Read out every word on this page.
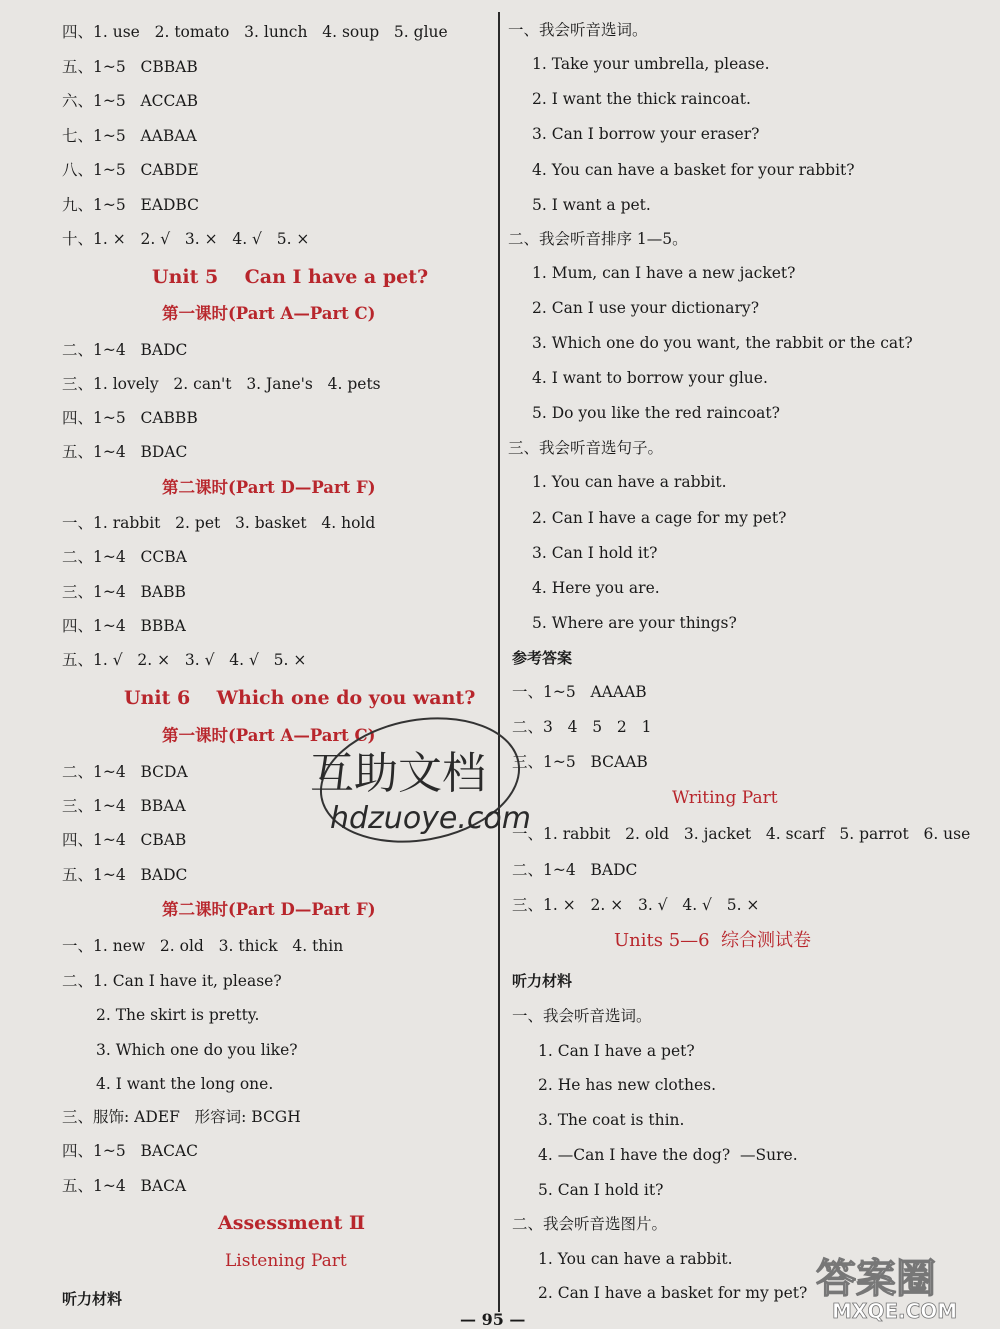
四、1. use   2. tomato   3. lunch   4. soup   5. glue
五、1~5   CBBAB
六、1~5   ACCAB
七、1~5   AABAA
八、1~5   CABDE
九、1~5   EADBC
十、1. ×   2. √   3. ×   4. √   5. ×
Unit 5    Can I have a pet?
第一课时(Part A—Part C)
二、1~4   BADC
三、1. lovely   2. can't   3. Jane's   4. pets
四、1~5   CABBB
五、1~4   BDAC
第二课时(Part D—Part F)
一、1. rabbit   2. pet   3. basket   4. hold
二、1~4   CCBA
三、1~4   BABB
四、1~4   BBBA
五、1. √   2. ×   3. √   4. √   5. ×
Unit 6    Which one do you want?
第一课时(Part A—Part C)
二、1~4   BCDA
三、1~4   BBAA
四、1~4   CBAB
五、1~4   BADC
第二课时(Part D—Part F)
一、1. new   2. old   3. thick   4. thin
二、1. Can I have it, please?
2. The skirt is pretty.
3. Which one do you like?
4. I want the long one.
三、服饰: ADEF   形容词: BCGH
四、1~5   BACAC
五、1~4   BACA
Assessment Ⅱ
Listening Part
听力材料
一、我会听音选词。
1. Take your umbrella, please.
2. I want the thick raincoat.
3. Can I borrow your eraser?
4. You can have a basket for your rabbit?
5. I want a pet.
二、我会听音排序 1—5。
1. Mum, can I have a new jacket?
2. Can I use your dictionary?
3. Which one do you want, the rabbit or the cat?
4. I want to borrow your glue.
5. Do you like the red raincoat?
三、我会听音选句子。
1. You can have a rabbit.
2. Can I have a cage for my pet?
3. Can I hold it?
4. Here you are.
5. Where are your things?
参考答案
一、1~5   AAAAB
二、3   4   5   2   1
三、1~5   BCAAB
Writing Part
一、1. rabbit   2. old   3. jacket   4. scarf   5. parrot   6. use
二、1~4   BADC
三、1. ×   2. ×   3. √   4. √   5. ×
Units 5—6  综合测试卷
听力材料
一、我会听音选词。
1. Can I have a pet?
2. He has new clothes.
3. The coat is thin.
4. —Can I have the dog?  —Sure.
5. Can I hold it?
二、我会听音选图片。
1. You can have a rabbit.
2. Can I have a basket for my pet?
互助文档
hdzuoye.com
答案圈
MXQE.COM
— 95 —
